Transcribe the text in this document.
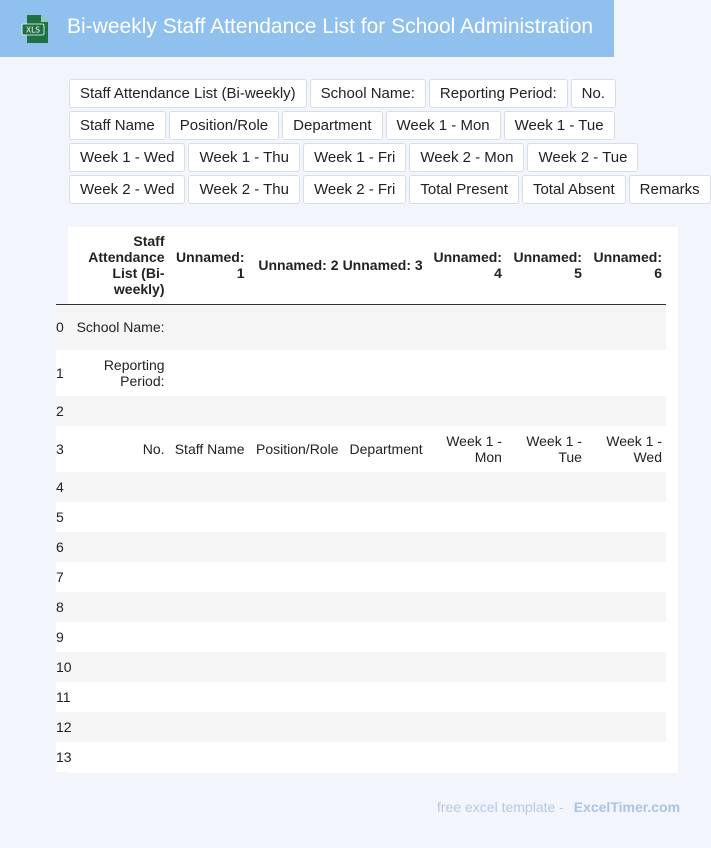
XLS Bi-weekly Staff Attendance List for School Administration
Staff Attendance List (Bi-weekly)	School Name:	Reporting Period:	No.
Staff Name	Position/Role	Department	Week 1 - Mon	Week 1 - Tue
Week 1 - Wed	Week 1 - Thu	Week 1 - Fri	Week 2 - Mon	Week 2 - Tue
Week 2 - Wed	Week 2 - Thu	Week 2 - Fri	Total Present	Total Absent	Remarks
	Staff Attendance List (Bi-weekly)	Unnamed: 1	Unnamed: 2	Unnamed: 3	Unnamed: 4	Unnamed: 5	Unnamed: 6
0	School Name:						
1	Reporting Period:						
2							
3	No.	Staff Name	Position/Role	Department	Week 1 - Mon	Week 1 - Tue	Week 1 - Wed
4							
5							
6							
7							
8							
9							
10							
11							
12							
13							
free excel template - ExcelTimer.com
